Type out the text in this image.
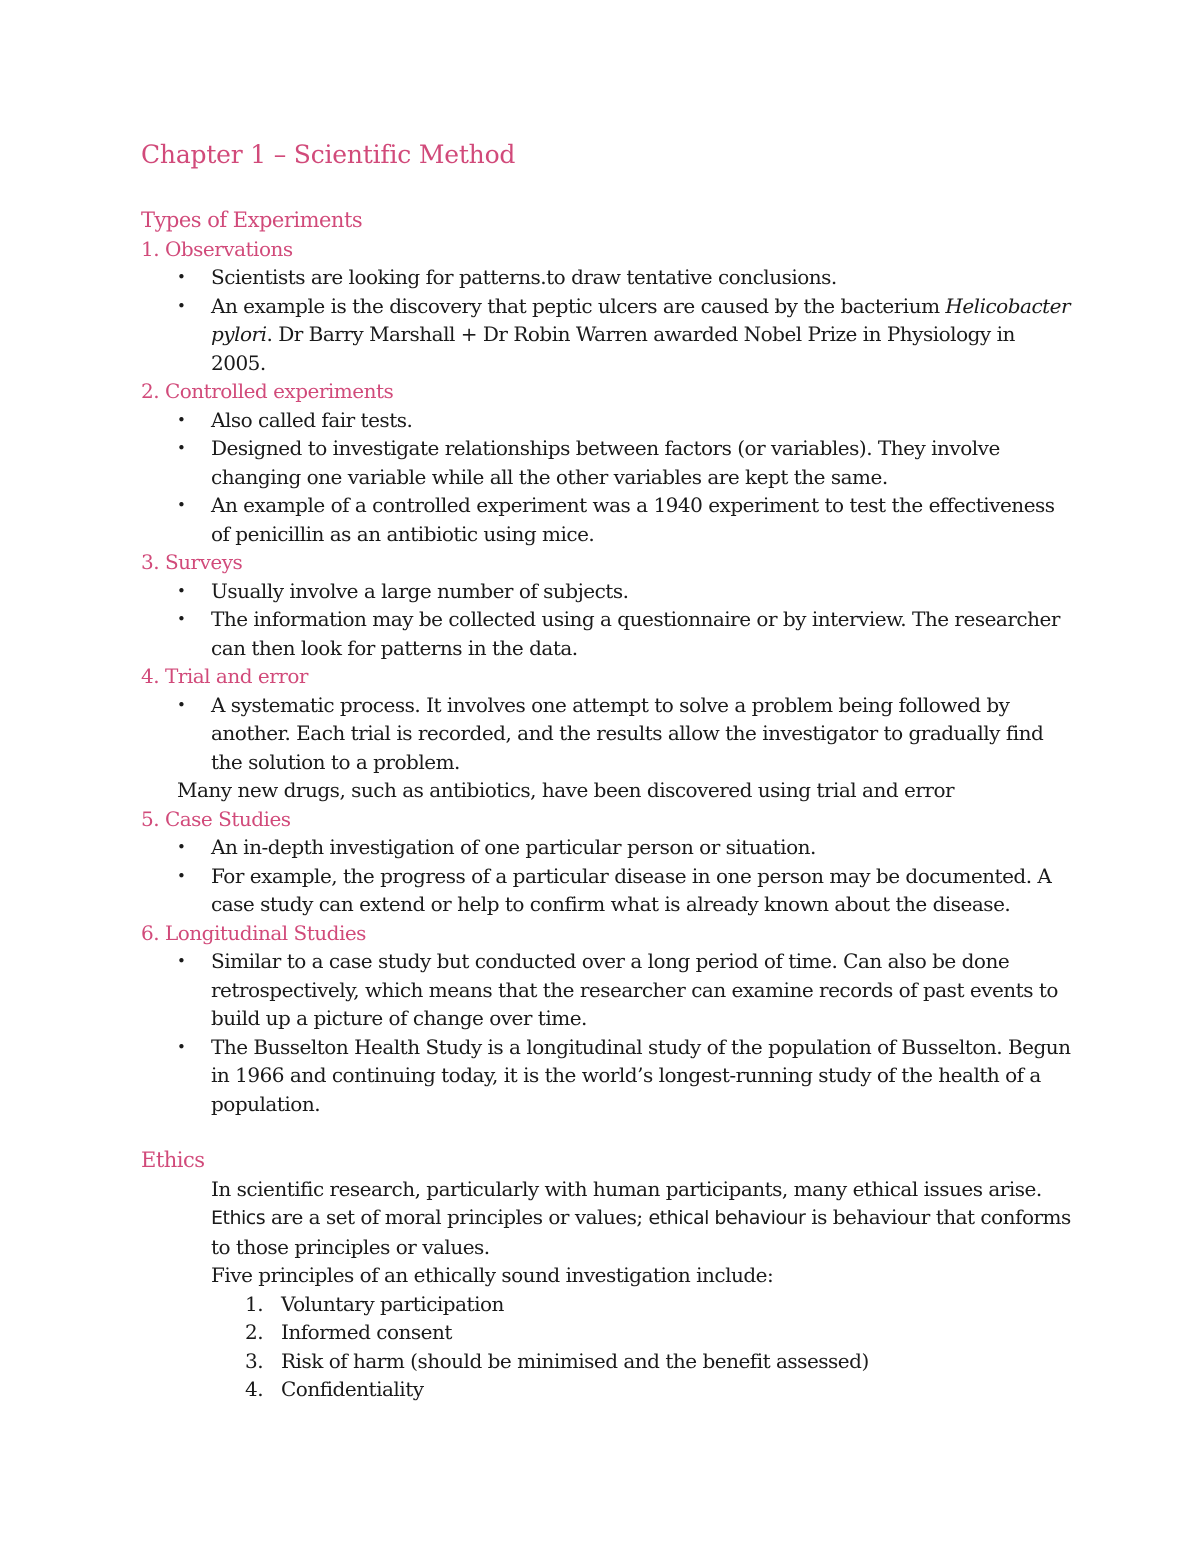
Chapter 1 – Scientific Method

Types of Experiments

1. Observations

• Scientists are looking for patterns.to draw tentative conclusions.
• An example is the discovery that peptic ulcers are caused by the bacterium Helicobacter pylori. Dr Barry Marshall + Dr Robin Warren awarded Nobel Prize in Physiology in 2005.

2. Controlled experiments

• Also called fair tests.
• Designed to investigate relationships between factors (or variables). They involve changing one variable while all the other variables are kept the same.
• An example of a controlled experiment was a 1940 experiment to test the effectiveness of penicillin as an antibiotic using mice.

3. Surveys

• Usually involve a large number of subjects.
• The information may be collected using a questionnaire or by interview. The researcher can then look for patterns in the data.

4. Trial and error

• A systematic process. It involves one attempt to solve a problem being followed by another. Each trial is recorded, and the results allow the investigator to gradually find the solution to a problem.

Many new drugs, such as antibiotics, have been discovered using trial and error

5. Case Studies

• An in-depth investigation of one particular person or situation.
• For example, the progress of a particular disease in one person may be documented. A case study can extend or help to confirm what is already known about the disease.

6. Longitudinal Studies

• Similar to a case study but conducted over a long period of time. Can also be done retrospectively, which means that the researcher can examine records of past events to build up a picture of change over time.
• The Busselton Health Study is a longitudinal study of the population of Busselton. Begun in 1966 and continuing today, it is the world’s longest-running study of the health of a population.

Ethics

In scientific research, particularly with human participants, many ethical issues arise.
Ethics are a set of moral principles or values; ethical behaviour is behaviour that conforms to those principles or values.
Five principles of an ethically sound investigation include:
1. Voluntary participation
2. Informed consent
3. Risk of harm (should be minimised and the benefit assessed)
4. Confidentiality
